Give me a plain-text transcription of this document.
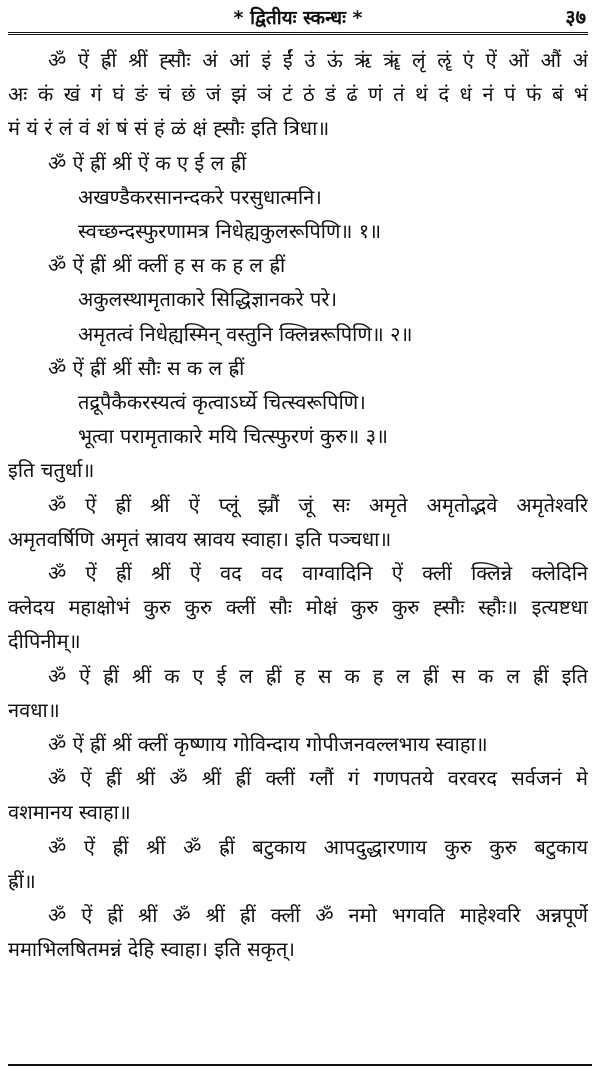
* द्वितीयः स्कन्धः *	३७
ॐ ऐं ह्रीं श्रीं ह्सौः अं आं इं ईं उं ऊं ऋं ॠं लृं ॡं एं ऐं ओं औं अं
अः कं खं गं घं ङं चं छं जं झं ञं टं ठं डं ढं णं तं थं दं धं नं पं फं बं भं
मं यं रं लं वं शं षं सं हं ळं क्षं ह्सौः इति त्रिधा॥
ॐ ऐं ह्रीं श्रीं ऐं क ए ई ल ह्रीं
अखण्डैकरसानन्दकरे परसुधात्मनि।
स्वच्छन्दस्फुरणामत्र निधेह्यकुलरूपिणि॥ १॥
ॐ ऐं ह्रीं श्रीं क्लीं ह स क ह ल ह्रीं
अकुलस्थामृताकारे सिद्धिज्ञानकरे परे।
अमृतत्वं निधेह्यस्मिन् वस्तुनि क्लिन्नरूपिणि॥ २॥
ॐ ऐं ह्रीं श्रीं सौः स क ल ह्रीं
तद्रूपैकैकरस्यत्वं कृत्वाऽर्घ्ये चित्स्वरूपिणि।
भूत्वा परामृताकारे मयि चित्स्फुरणं कुरु॥ ३॥
इति चतुर्धा॥
ॐ ऐं ह्रीं श्रीं ऐं प्लूं झ्रौं जूं सः अमृते अमृतोद्भवे अमृतेश्वरि
अमृतवर्षिणि अमृतं स्रावय स्रावय स्वाहा। इति पञ्चधा॥
ॐ ऐं ह्रीं श्रीं ऐं वद वद वाग्वादिनि ऐं क्लीं क्लिन्ने क्लेदिनि
क्लेदय महाक्षोभं कुरु कुरु क्लीं सौः मोक्षं कुरु कुरु ह्सौः स्हौः॥ इत्यष्टधा
दीपिनीम्॥
ॐ ऐं ह्रीं श्रीं क ए ई ल ह्रीं ह स क ह ल ह्रीं स क ल ह्रीं इति
नवधा॥
ॐ ऐं ह्रीं श्रीं क्लीं कृष्णाय गोविन्दाय गोपीजनवल्लभाय स्वाहा॥
ॐ ऐं ह्रीं श्रीं ॐ श्रीं ह्रीं क्लीं ग्लौं गं गणपतये वरवरद सर्वजनं मे
वशमानय स्वाहा॥
ॐ ऐं ह्रीं श्रीं ॐ ह्रीं बटुकाय आपदुद्धारणाय कुरु कुरु बटुकाय
ह्रीं॥
ॐ ऐं ह्रीं श्रीं ॐ श्रीं ह्रीं क्लीं ॐ नमो भगवति माहेश्वरि अन्नपूर्णे
ममाभिलषितमन्नं देहि स्वाहा। इति सकृत्।
